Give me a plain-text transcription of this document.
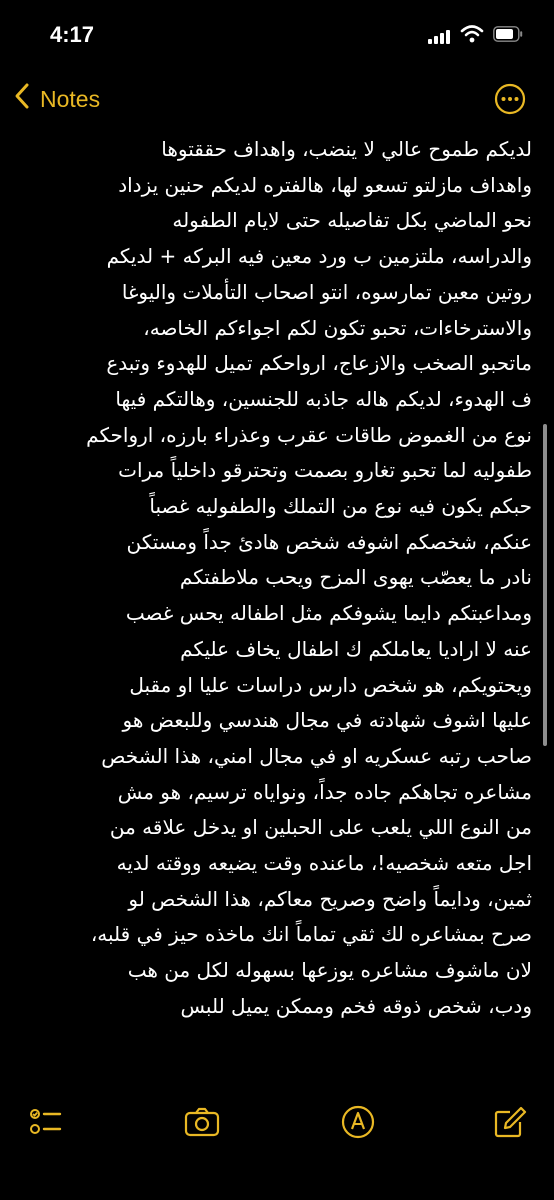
4:17
Notes

لديكم طموح عالي لا ينضب، واهداف حققتوها

واهداف مازلتو تسعو لها، هالفتره لديكم حنين يزداد

نحو الماضي بكل تفاصيله حتى لايام الطفوله

والدراسه، ملتزمين ب ورد معين فيه البركه + لديكم

روتين معين تمارسوه، انتو اصحاب التأملات واليوغا

والاسترخاءات، تحبو تكون لكم اجواءكم الخاصه،

ماتحبو الصخب والازعاج، ارواحكم تميل للهدوء وتبدع

ف الهدوء، لديكم هاله جاذبه للجنسين، وهالتكم فيها

نوع من الغموض طاقات عقرب وعذراء بارزه، ارواحكم

طفوليه لما تحبو تغارو بصمت وتحترقو داخلياً مرات

حبكم يكون فيه نوع من التملك والطفوليه غصباً

عنكم، شخصكم اشوفه شخص هادئ جداً ومستكن

نادر ما يعصّب يهوى المزح ويحب ملاطفتكم

ومداعبتكم دايما يشوفكم مثل اطفاله يحس غصب

عنه لا اراديا يعاملكم ك اطفال يخاف عليكم

ويحتويكم، هو شخص دارس دراسات عليا او مقبل

عليها اشوف شهادته في مجال هندسي وللبعض هو

صاحب رتبه عسكريه او في مجال امني، هذا الشخص

مشاعره تجاهكم جاده جداً، ونواياه ترسيم، هو مش

من النوع اللي يلعب على الحبلين او يدخل علاقه من

اجل متعه شخصيه!، ماعنده وقت يضيعه ووقته لديه

ثمين، ودايماً واضح وصريح معاكم، هذا الشخص لو

صرح بمشاعره لك ثقي تماماً انك ماخذه حيز في قلبه،

لان ماشوف مشاعره يوزعها بسهوله لكل من هب

ودب، شخص ذوقه فخم وممكن يميل للبس
